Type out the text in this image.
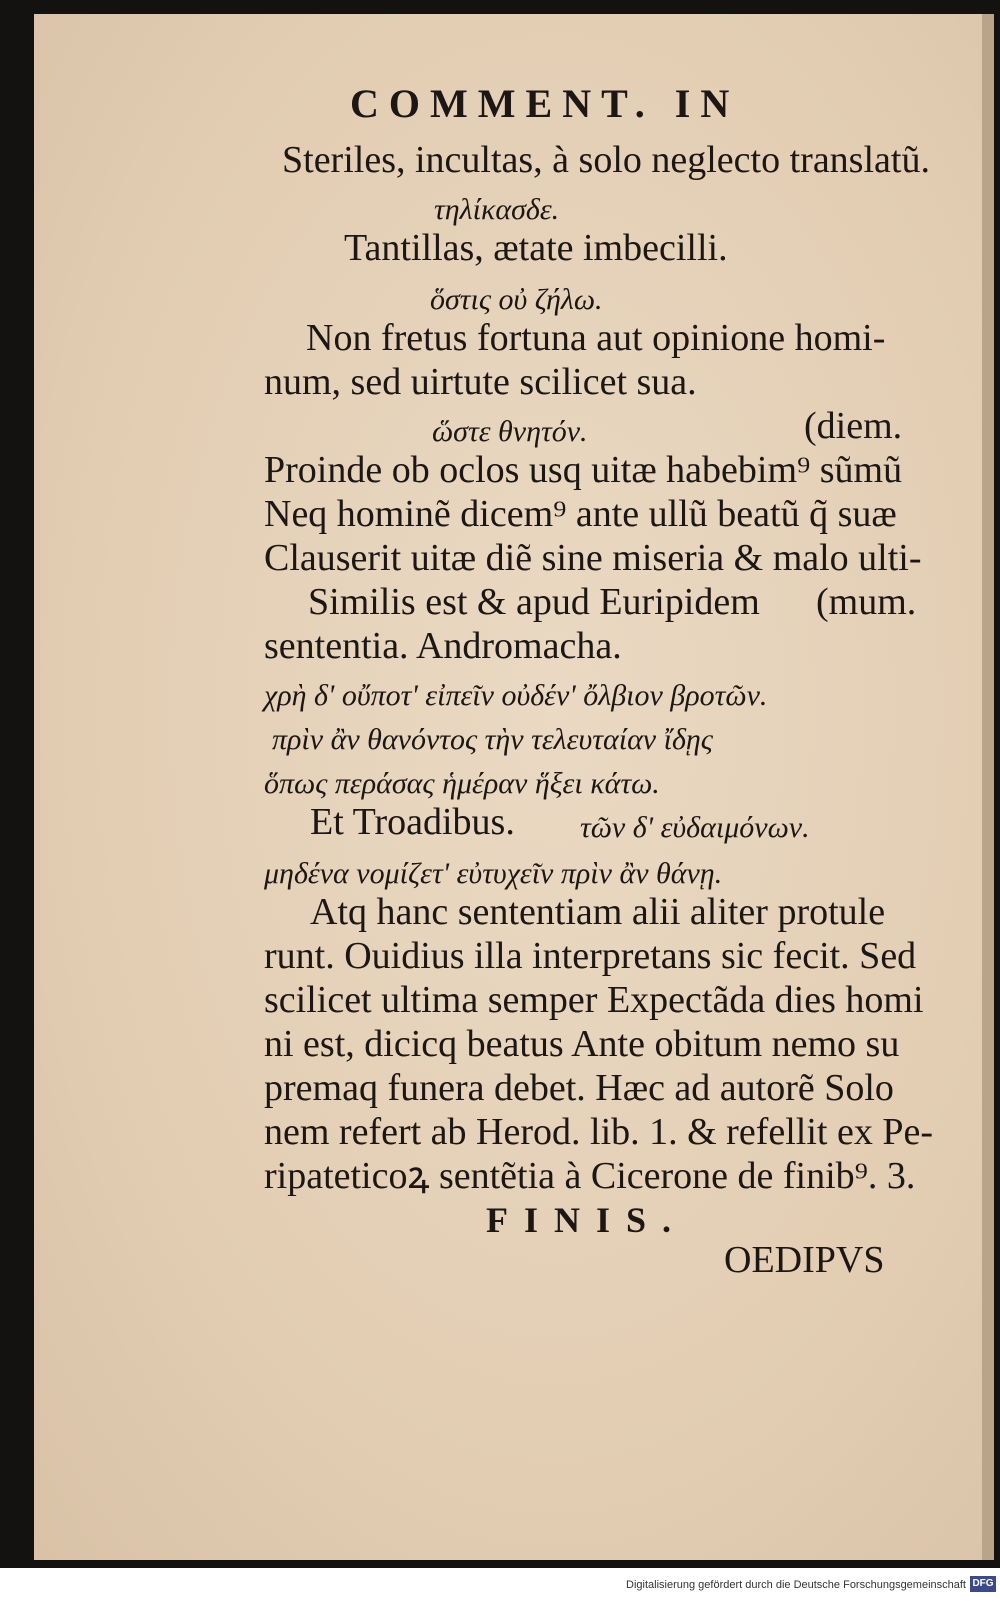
COMMENT. IN
Steriles, incultas, à solo neglecto translatũ.
τηλίκασδε.
Tantillas, ætate imbecilli.
ὅστις οὐ ζήλω.
Non fretus fortuna aut opinione homi-
num, sed uirtute scilicet sua.
ὥστε θνητόν.	(diem.
Proinde ob oclos usq uitæ habebim⁹ sũmũ
Neq hominẽ dicem⁹ ante ullũ beatũ q̃ suæ
Clauserit uitæ diẽ sine miseria & malo ulti-
Similis est & apud Euripidem (mum.
sententia. Andromacha.
χρὴ δ' οὔποτ' εἰπεῖν οὐδέν' ὄλβιον βροτῶν.
πρὶν ἂν θανόντος τὴν τελευταίαν ἴδῃς
ὅπως περάσας ἡμέραν ἥξει κάτω.
Et Troadibus. τῶν δ' εὐδαιμόνων.
μηδένα νομίζετ' εὐτυχεῖν πρὶν ἂν θάνῃ.
Atq hanc sententiam alii aliter protule
runt. Ouidius illa interpretans sic fecit. Sed
scilicet ultima semper Expectãda dies homi
ni est, dicicq beatus Ante obitum nemo su
premaq funera debet. Hæc ad autorẽ Solo
nem refert ab Herod. lib. 1. & refellit ex Pe-
ripateticoꝝ sentẽtia à Cicerone de finib⁹. 3.
FINIS.
OEDIPVS
Digitalisierung gefördert durch die Deutsche Forschungsgemeinschaft DFG
